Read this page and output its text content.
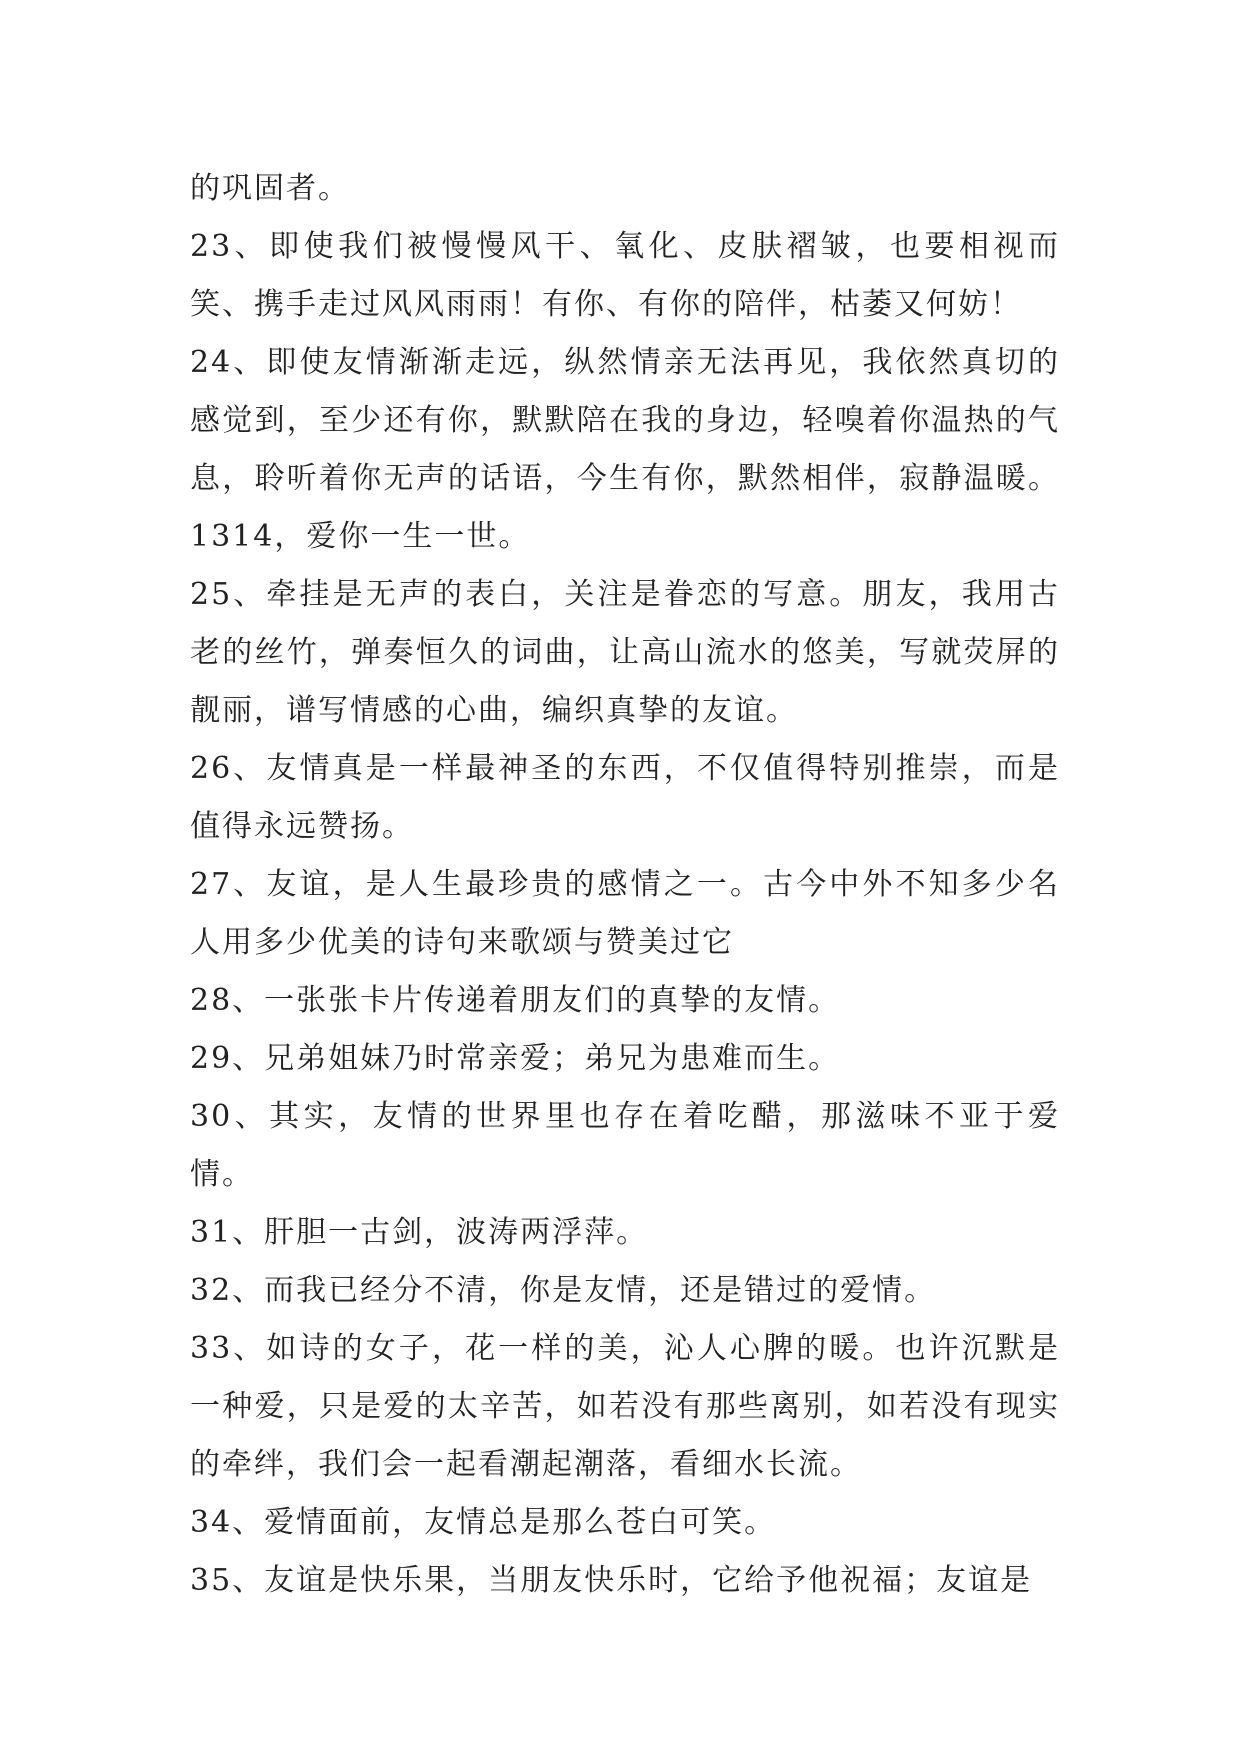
的巩固者。

23、即使我们被慢慢风干、氧化、皮肤褶皱，也要相视而笑、携手走过风风雨雨！有你、有你的陪伴，枯萎又何妨！

24、即使友情渐渐走远，纵然情亲无法再见，我依然真切的感觉到，至少还有你，默默陪在我的身边，轻嗅着你温热的气息，聆听着你无声的话语，今生有你，默然相伴，寂静温暖。1314，爱你一生一世。

25、牵挂是无声的表白，关注是眷恋的写意。朋友，我用古老的丝竹，弹奏恒久的词曲，让高山流水的悠美，写就荧屏的靓丽，谱写情感的心曲，编织真挚的友谊。

26、友情真是一样最神圣的东西，不仅值得特别推崇，而是值得永远赞扬。

27、友谊，是人生最珍贵的感情之一。古今中外不知多少名人用多少优美的诗句来歌颂与赞美过它

28、一张张卡片传递着朋友们的真挚的友情。

29、兄弟姐妹乃时常亲爱；弟兄为患难而生。

30、其实，友情的世界里也存在着吃醋，那滋味不亚于爱情。

31、肝胆一古剑，波涛两浮萍。

32、而我已经分不清，你是友情，还是错过的爱情。

33、如诗的女子，花一样的美，沁人心脾的暖。也许沉默是一种爱，只是爱的太辛苦，如若没有那些离别，如若没有现实的牵绊，我们会一起看潮起潮落，看细水长流。

34、爱情面前，友情总是那么苍白可笑。

35、友谊是快乐果，当朋友快乐时，它给予他祝福；友谊是
